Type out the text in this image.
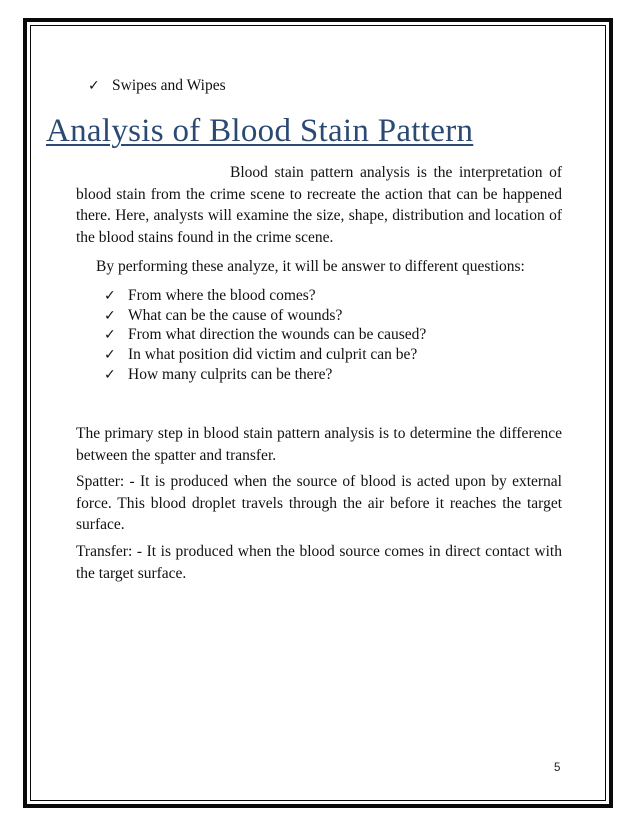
✓ Swipes and Wipes
Analysis of Blood Stain Pattern
Blood stain pattern analysis is the interpretation of blood stain from the crime scene to recreate the action that can be happened there. Here, analysts will examine the size, shape, distribution and location of the blood stains found in the crime scene.
By performing these analyze, it will be answer to different questions:
✓ From where the blood comes?
✓ What can be the cause of wounds?
✓ From what direction the wounds can be caused?
✓ In what position did victim and culprit can be?
✓ How many culprits can be there?
The primary step in blood stain pattern analysis is to determine the difference between the spatter and transfer.
Spatter: - It is produced when the source of blood is acted upon by external force. This blood droplet travels through the air before it reaches the target surface.
Transfer: - It is produced when the blood source comes in direct contact with the target surface.
5
